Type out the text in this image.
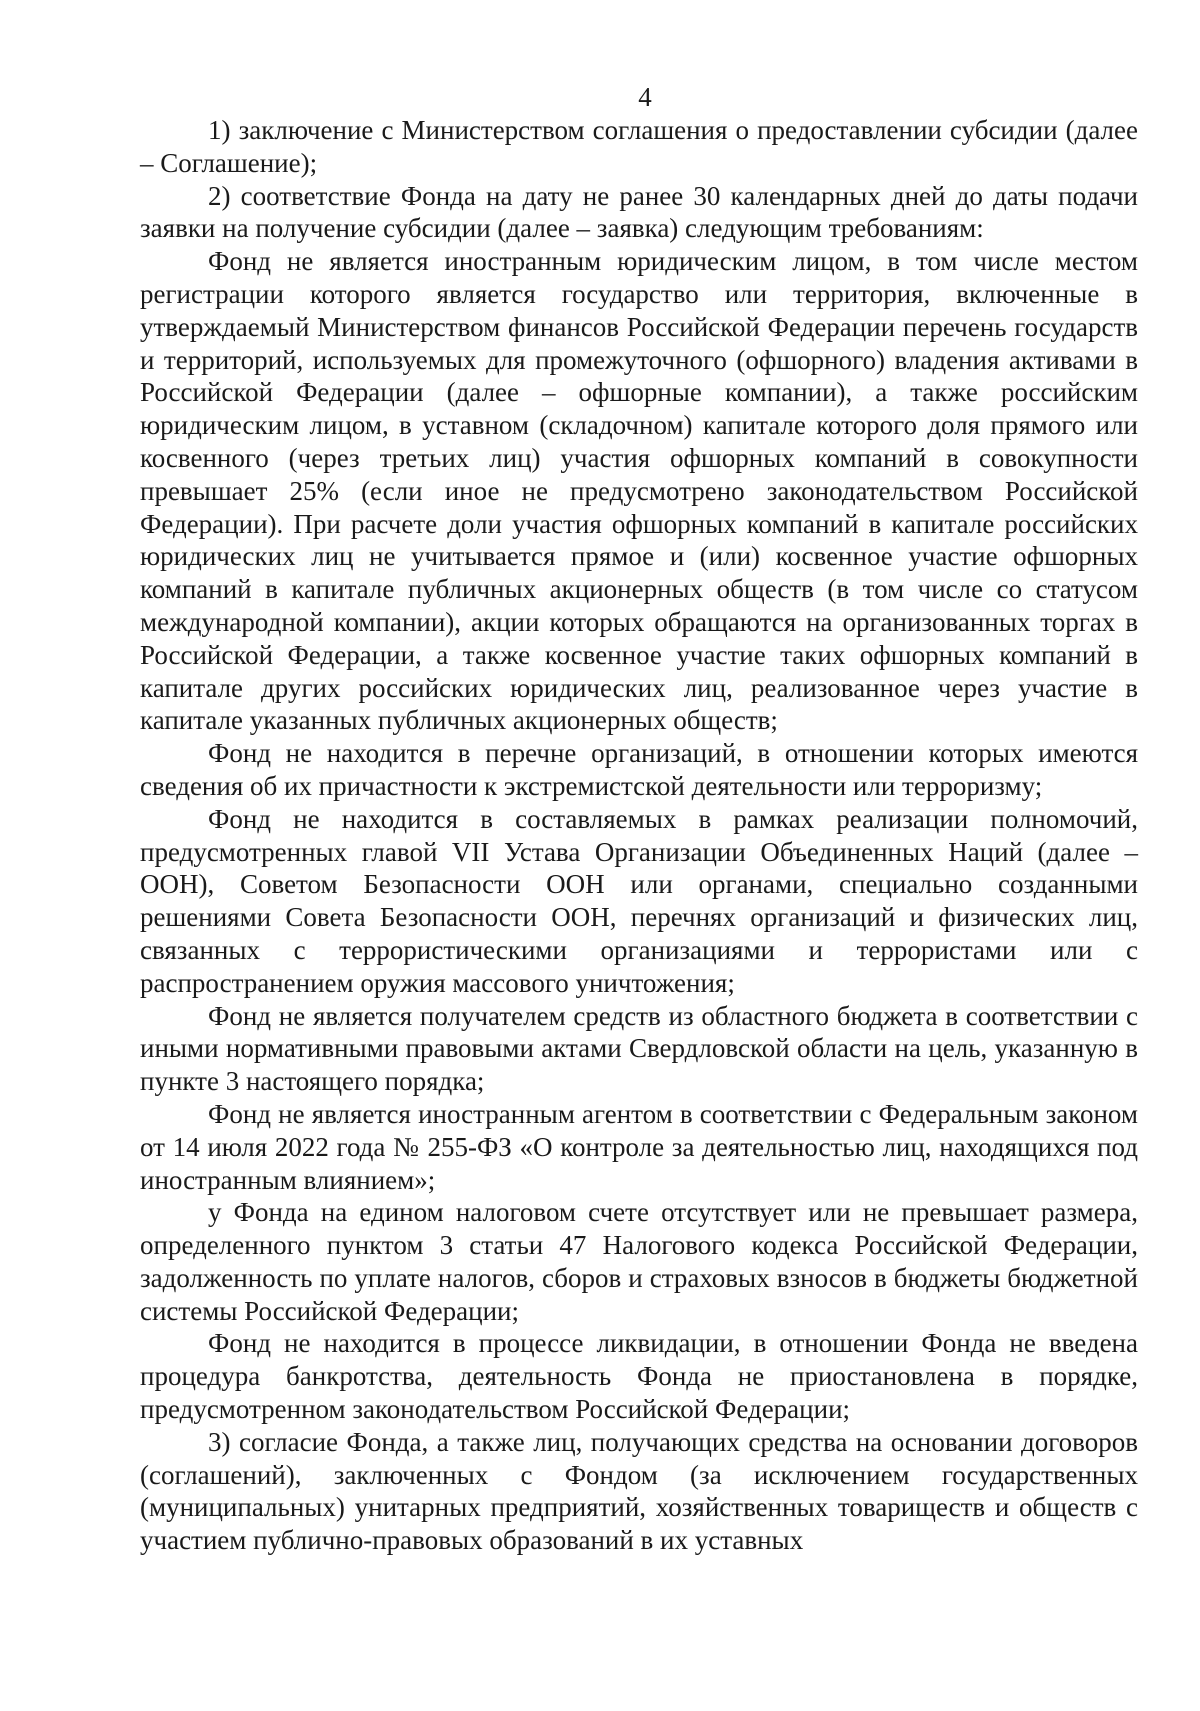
4

1) заключение с Министерством соглашения о предоставлении субсидии (далее – Соглашение);

2) соответствие Фонда на дату не ранее 30 календарных дней до даты подачи заявки на получение субсидии (далее – заявка) следующим требованиям:

Фонд не является иностранным юридическим лицом, в том числе местом регистрации которого является государство или территория, включенные в утверждаемый Министерством финансов Российской Федерации перечень государств и территорий, используемых для промежуточного (офшорного) владения активами в Российской Федерации (далее – офшорные компании), а также российским юридическим лицом, в уставном (складочном) капитале которого доля прямого или косвенного (через третьих лиц) участия офшорных компаний в совокупности превышает 25% (если иное не предусмотрено законодательством Российской Федерации). При расчете доли участия офшорных компаний в капитале российских юридических лиц не учитывается прямое и (или) косвенное участие офшорных компаний в капитале публичных акционерных обществ (в том числе со статусом международной компании), акции которых обращаются на организованных торгах в Российской Федерации, а также косвенное участие таких офшорных компаний в капитале других российских юридических лиц, реализованное через участие в капитале указанных публичных акционерных обществ;

Фонд не находится в перечне организаций, в отношении которых имеются сведения об их причастности к экстремистской деятельности или терроризму;

Фонд не находится в составляемых в рамках реализации полномочий, предусмотренных главой VII Устава Организации Объединенных Наций (далее – ООН), Советом Безопасности ООН или органами, специально созданными решениями Совета Безопасности ООН, перечнях организаций и физических лиц, связанных с террористическими организациями и террористами или с распространением оружия массового уничтожения;

Фонд не является получателем средств из областного бюджета в соответствии с иными нормативными правовыми актами Свердловской области на цель, указанную в пункте 3 настоящего порядка;

Фонд не является иностранным агентом в соответствии с Федеральным законом от 14 июля 2022 года № 255-ФЗ «О контроле за деятельностью лиц, находящихся под иностранным влиянием»;

у Фонда на едином налоговом счете отсутствует или не превышает размера, определенного пунктом 3 статьи 47 Налогового кодекса Российской Федерации, задолженность по уплате налогов, сборов и страховых взносов в бюджеты бюджетной системы Российской Федерации;

Фонд не находится в процессе ликвидации, в отношении Фонда не введена процедура банкротства, деятельность Фонда не приостановлена в порядке, предусмотренном законодательством Российской Федерации;

3) согласие Фонда, а также лиц, получающих средства на основании договоров (соглашений), заключенных с Фондом (за исключением государственных (муниципальных) унитарных предприятий, хозяйственных товариществ и обществ с участием публично-правовых образований в их уставных
